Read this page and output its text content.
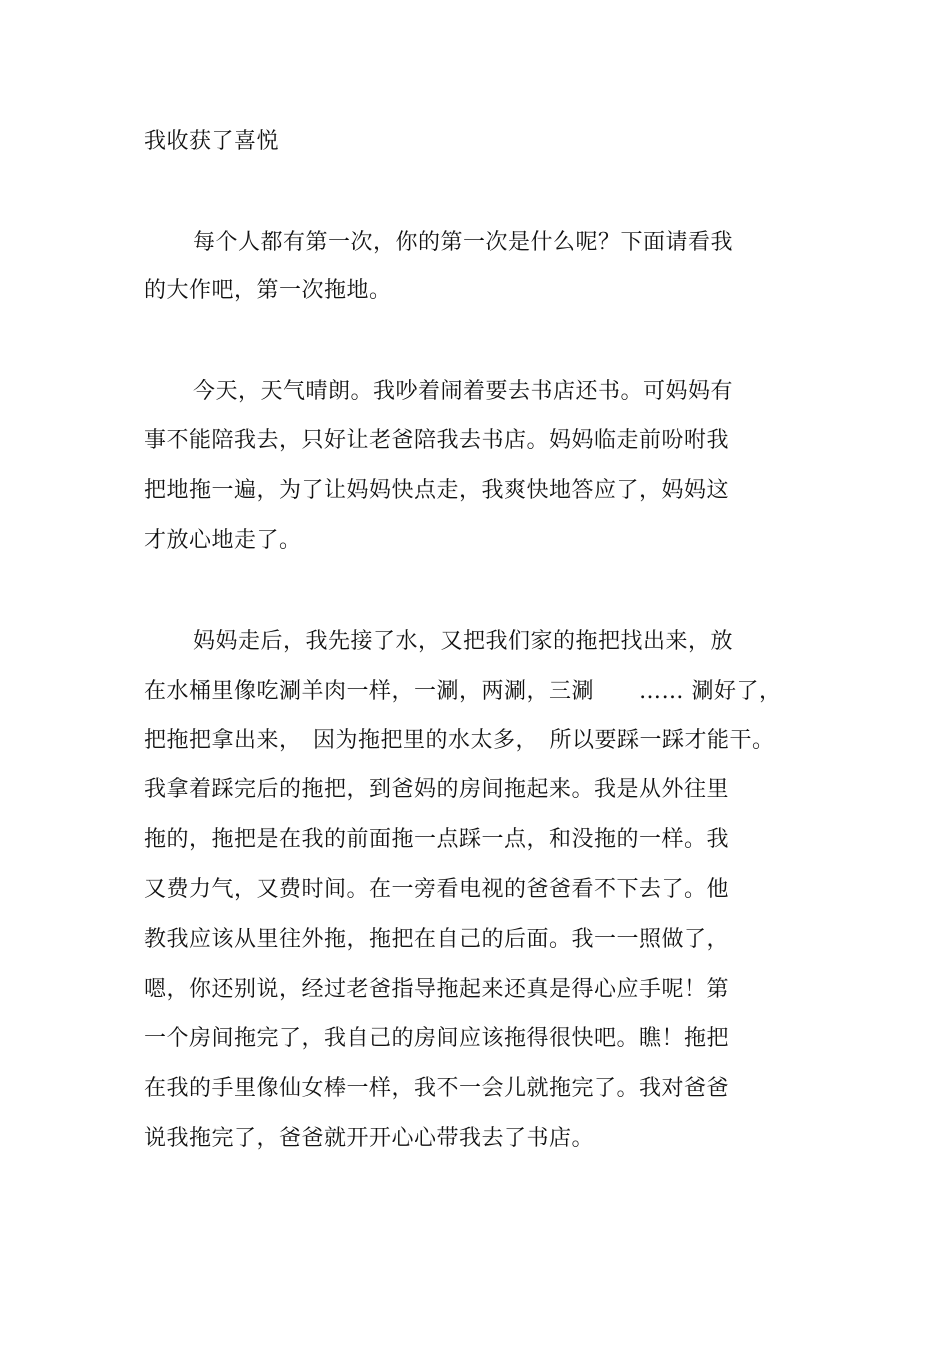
我收获了喜悦
每个人都有第一次，你的第一次是什么呢？下面请看我
的大作吧，第一次拖地。
今天，天气晴朗。我吵着闹着要去书店还书。可妈妈有
事不能陪我去，只好让老爸陪我去书店。妈妈临走前吩咐我
把地拖一遍，为了让妈妈快点走，我爽快地答应了，妈妈这
才放心地走了。
妈妈走后，我先接了水，又把我们家的拖把找出来，放
在水桶里像吃涮羊肉一样，一涮，两涮，三涮　　…… 涮好了，
把拖把拿出来，　因为拖把里的水太多，　所以要踩一踩才能干。
我拿着踩完后的拖把，到爸妈的房间拖起来。我是从外往里
拖的，拖把是在我的前面拖一点踩一点，和没拖的一样。我
又费力气，又费时间。在一旁看电视的爸爸看不下去了。他
教我应该从里往外拖，拖把在自己的后面。我一一照做了，
嗯，你还别说，经过老爸指导拖起来还真是得心应手呢！第
一个房间拖完了，我自己的房间应该拖得很快吧。瞧！拖把
在我的手里像仙女棒一样，我不一会儿就拖完了。我对爸爸
说我拖完了，爸爸就开开心心带我去了书店。
